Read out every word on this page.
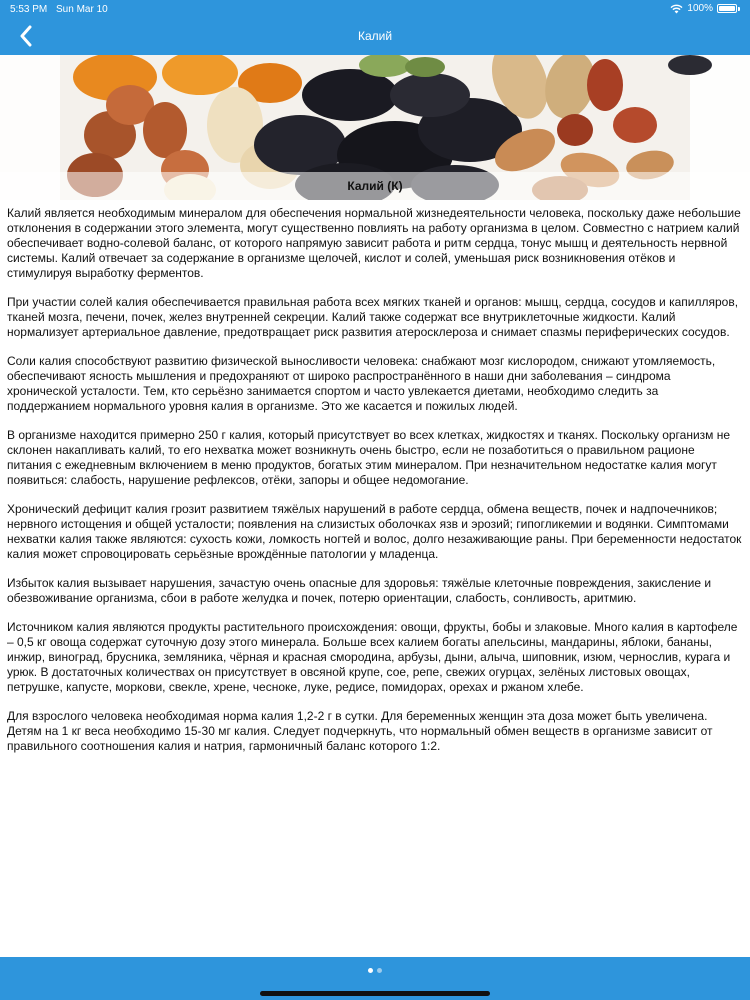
5:53 PM Sun Mar 10	100%
Калий
Калий (К)

Калий является необходимым минералом для обеспечения нормальной жизнедеятельности человека, поскольку даже небольшие отклонения в содержании этого элемента, могут существенно повлиять на работу организма в целом. Совместно с натрием калий обеспечивает водно-солевой баланс, от которого напрямую зависит работа и ритм сердца, тонус мышц и деятельность нервной системы. Калий отвечает за содержание в организме щелочей, кислот и солей, уменьшая риск возникновения отёков и стимулируя выработку ферментов.

При участии солей калия обеспечивается правильная работа всех мягких тканей и органов: мышц, сердца, сосудов и капилляров, тканей мозга, печени, почек, желез внутренней секреции. Калий также содержат все внутриклеточные жидкости. Калий нормализует артериальное давление, предотвращает риск развития атеросклероза и снимает спазмы периферических сосудов.

Соли калия способствуют развитию физической выносливости человека: снабжают мозг кислородом, снижают утомляемость, обеспечивают ясность мышления и предохраняют от широко распространённого в наши дни заболевания – синдрома хронической усталости. Тем, кто серьёзно занимается спортом и часто увлекается диетами, необходимо следить за поддержанием нормального уровня калия в организме. Это же касается и пожилых людей.

В организме находится примерно 250 г калия, который присутствует во всех клетках, жидкостях и тканях. Поскольку организм не склонен накапливать калий, то его нехватка может возникнуть очень быстро, если не позаботиться о правильном рационе питания с ежедневным включением в меню продуктов, богатых этим минералом. При незначительном недостатке калия могут появиться: слабость, нарушение рефлексов, отёки, запоры и общее недомогание.

Хронический дефицит калия грозит развитием тяжёлых нарушений в работе сердца, обмена веществ, почек и надпочечников; нервного истощения и общей усталости; появления на слизистых оболочках язв и эрозий; гипогликемии и водянки. Симптомами нехватки калия также являются: сухость кожи, ломкость ногтей и волос, долго незаживающие раны. При беременности недостаток калия может спровоцировать серьёзные врождённые патологии у младенца.

Избыток калия вызывает нарушения, зачастую очень опасные для здоровья: тяжёлые клеточные повреждения, закисление и обезвоживание организма, сбои в работе желудка и почек, потерю ориентации, слабость, сонливость, аритмию.

Источником калия являются продукты растительного происхождения: овощи, фрукты, бобы и злаковые. Много калия в картофеле – 0,5 кг овоща содержат суточную дозу этого минерала. Больше всех калием богаты апельсины, мандарины, яблоки, бананы, инжир, виноград, брусника, земляника, чёрная и красная смородина, арбузы, дыни, алыча, шиповник, изюм, чернослив, курага и урюк. В достаточных количествах он присутствует в овсяной крупе, сое, репе, свежих огурцах, зелёных листовых овощах, петрушке, капусте, моркови, свекле, хрене, чесноке, луке, редисе, помидорах, орехах и ржаном хлебе.

Для взрослого человека необходимая норма калия 1,2-2 г в сутки. Для беременных женщин эта доза может быть увеличена. Детям на 1 кг веса необходимо 15-30 мг калия. Следует подчеркнуть, что нормальный обмен веществ в организме зависит от правильного соотношения калия и натрия, гармоничный баланс которого 1:2.
